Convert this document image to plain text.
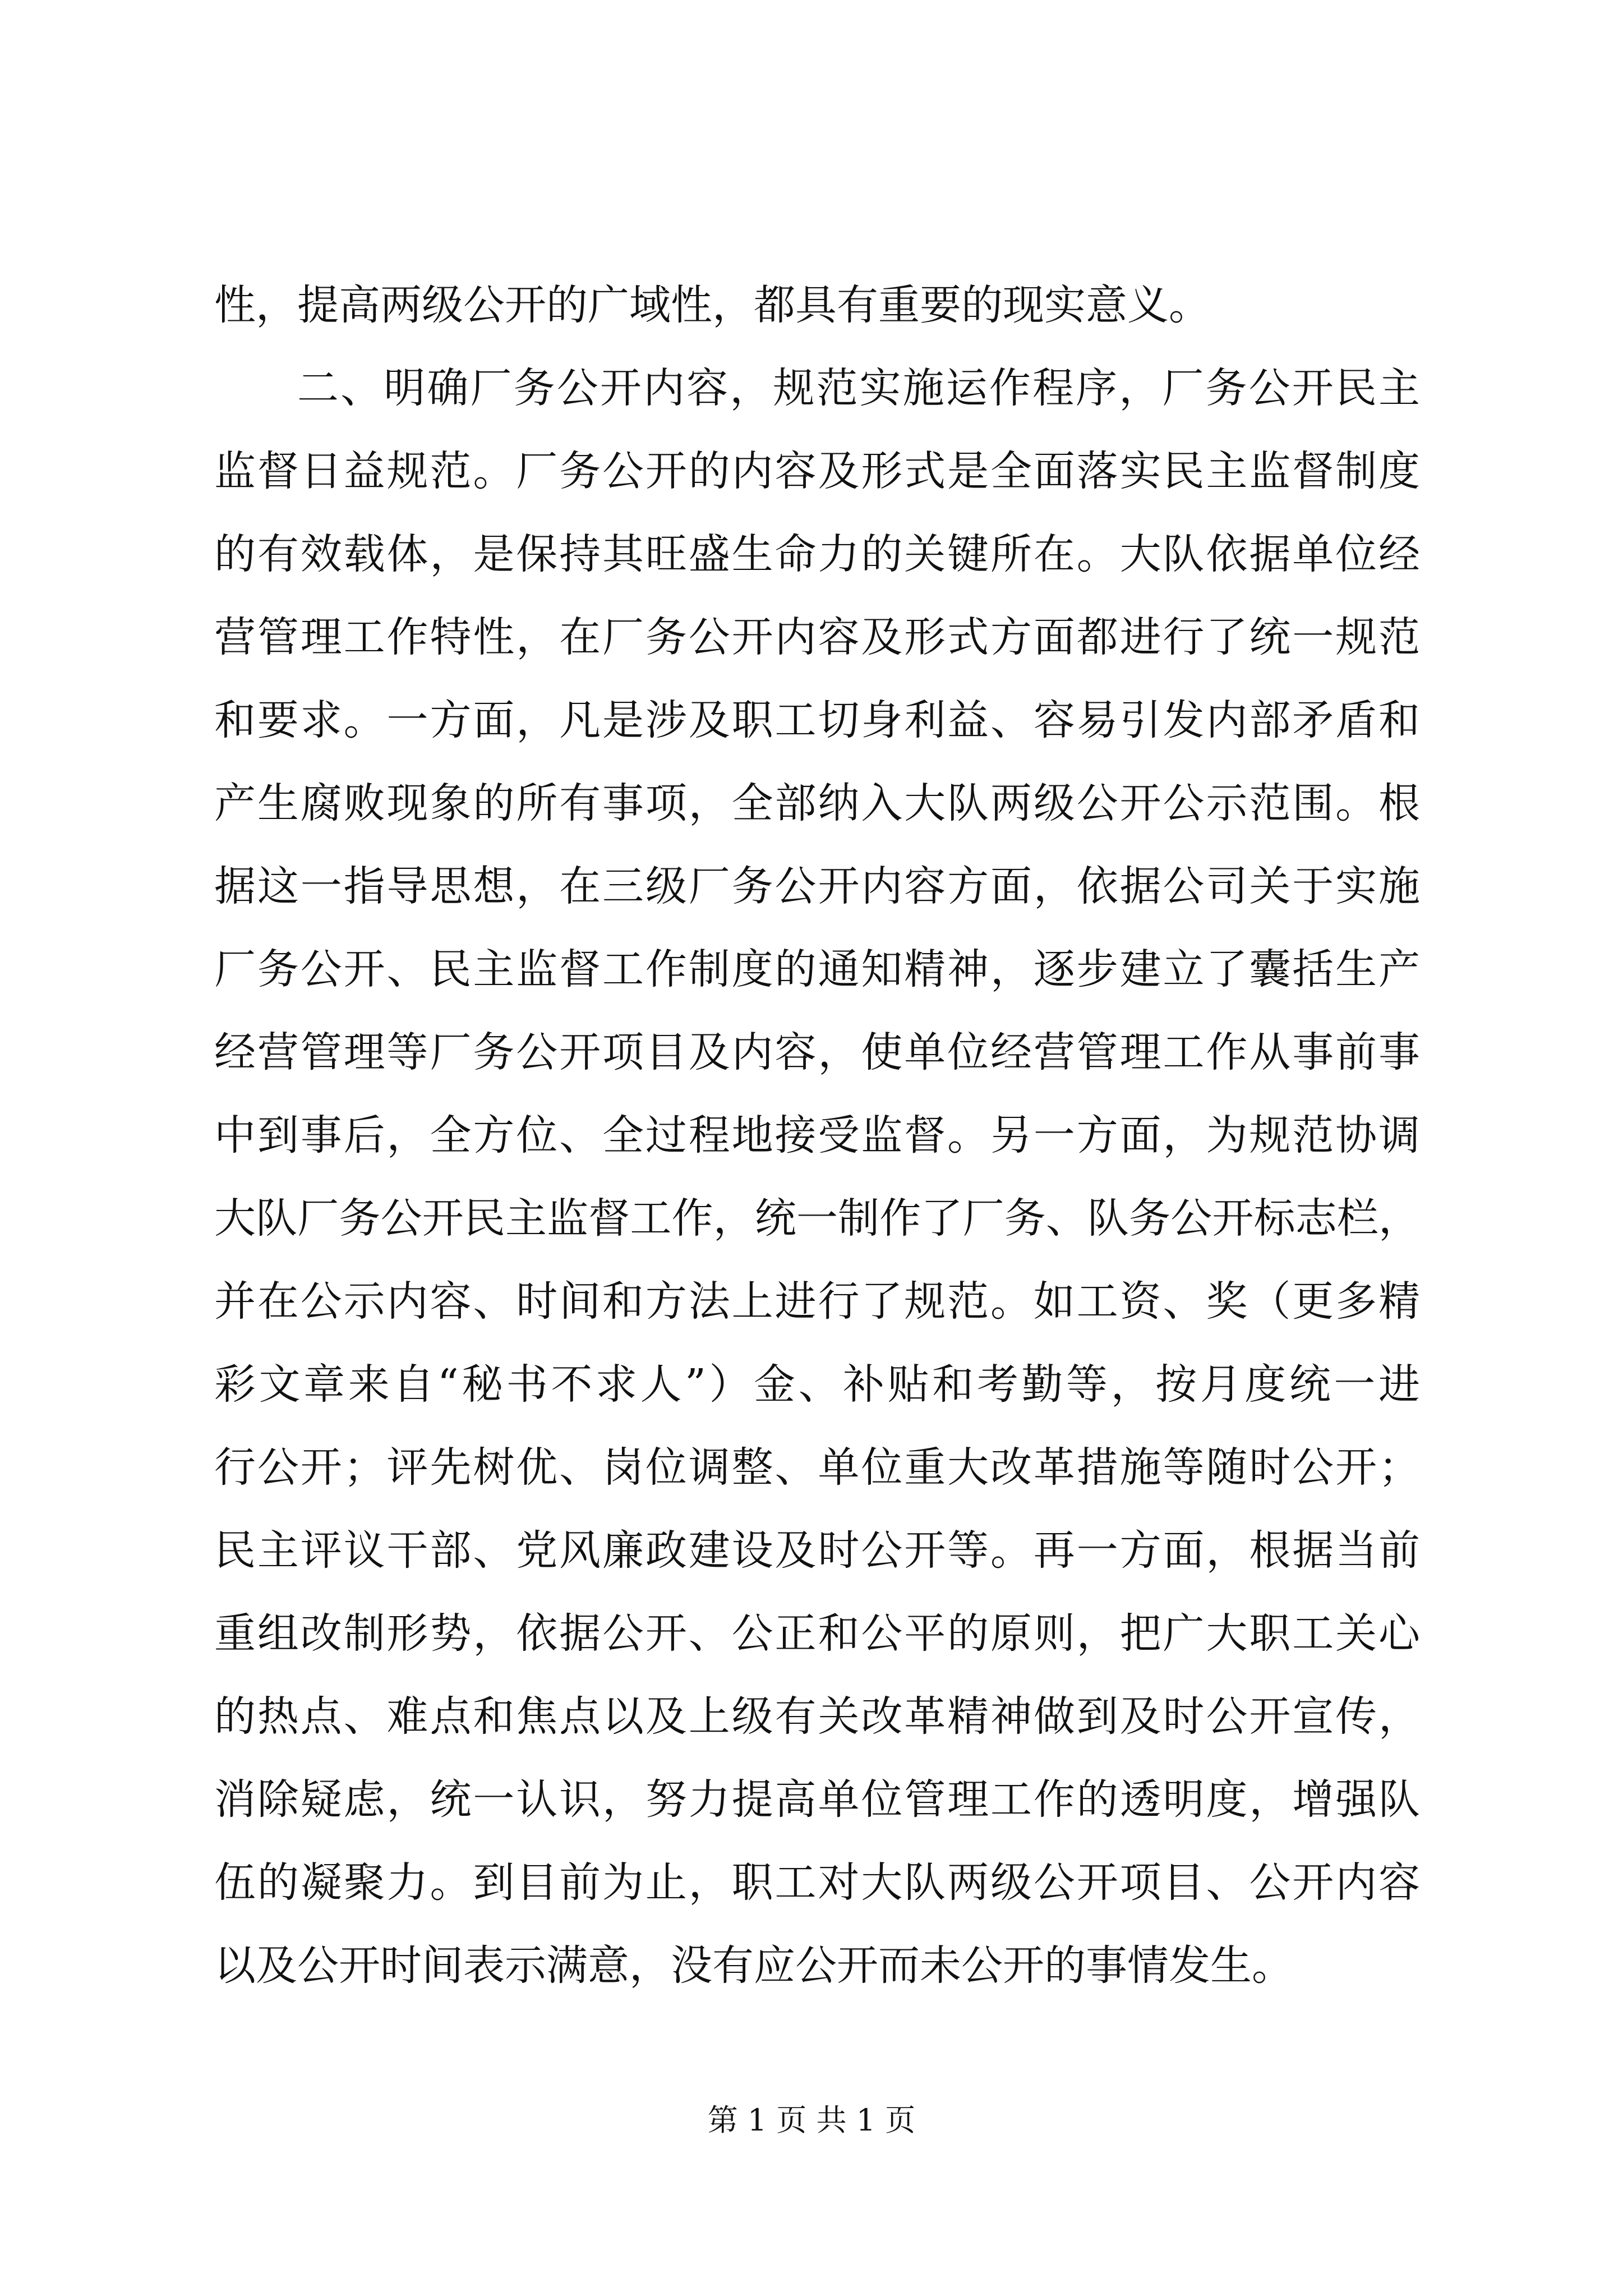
性，提高两级公开的广域性，都具有重要的现实意义。
二、明确厂务公开内容，规范实施运作程序，厂务公开民主
监督日益规范。厂务公开的内容及形式是全面落实民主监督制度
的有效载体，是保持其旺盛生命力的关键所在。大队依据单位经
营管理工作特性，在厂务公开内容及形式方面都进行了统一规范
和要求。一方面，凡是涉及职工切身利益、容易引发内部矛盾和
产生腐败现象的所有事项，全部纳入大队两级公开公示范围。根
据这一指导思想，在三级厂务公开内容方面，依据公司关于实施
厂务公开、民主监督工作制度的通知精神，逐步建立了囊括生产
经营管理等厂务公开项目及内容，使单位经营管理工作从事前事
中到事后，全方位、全过程地接受监督。另一方面，为规范协调
大队厂务公开民主监督工作，统一制作了厂务、队务公开标志栏，
并在公示内容、时间和方法上进行了规范。如工资、奖（更多精
彩文章来自“秘书不求人”）金、补贴和考勤等，按月度统一进
行公开；评先树优、岗位调整、单位重大改革措施等随时公开；
民主评议干部、党风廉政建设及时公开等。再一方面，根据当前
重组改制形势，依据公开、公正和公平的原则，把广大职工关心
的热点、难点和焦点以及上级有关改革精神做到及时公开宣传，
消除疑虑，统一认识，努力提高单位管理工作的透明度，增强队
伍的凝聚力。到目前为止，职工对大队两级公开项目、公开内容
以及公开时间表示满意，没有应公开而未公开的事情发生。
第 1 页 共 1 页
